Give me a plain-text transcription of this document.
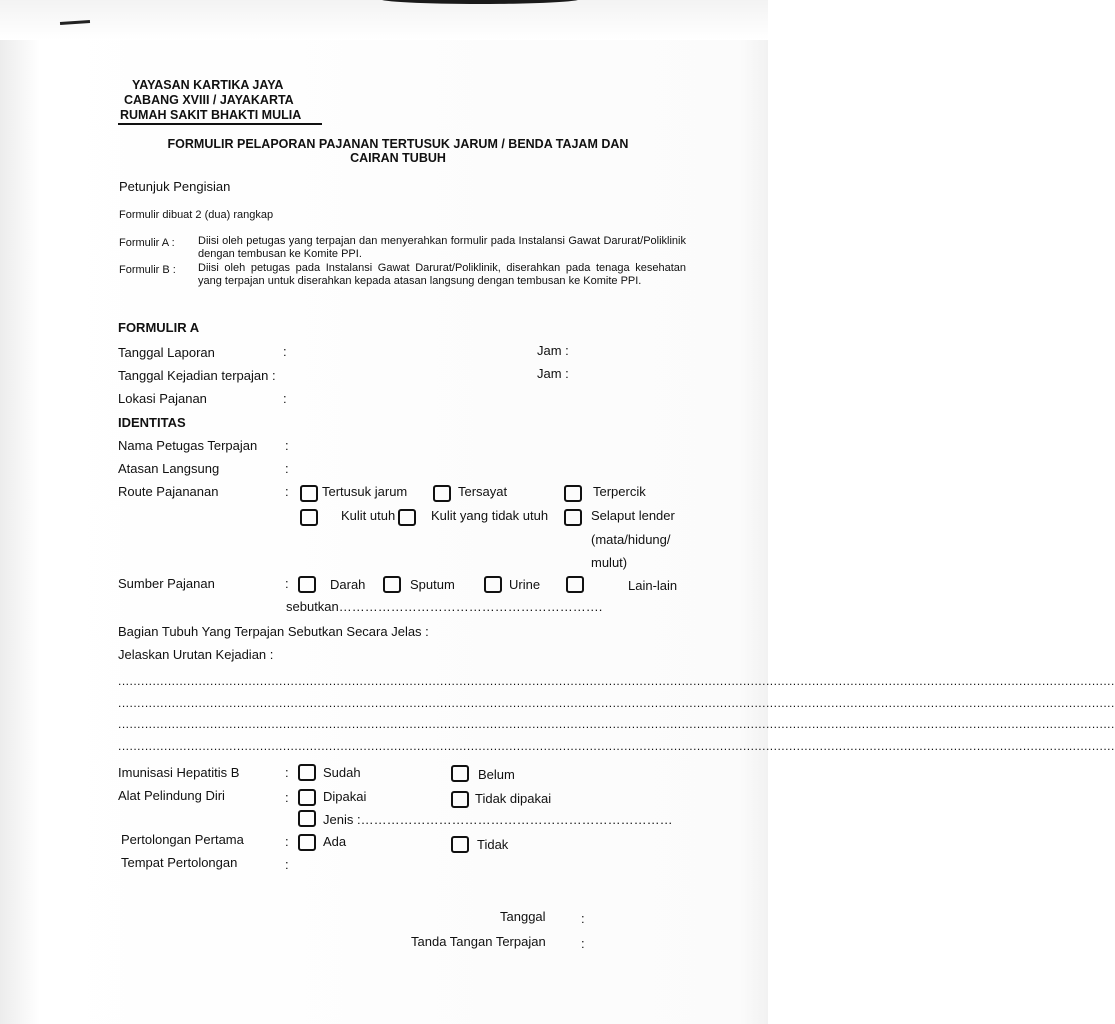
YAYASAN KARTIKA JAYA
CABANG XVIII / JAYAKARTA
RUMAH SAKIT BHAKTI MULIA
FORMULIR PELAPORAN PAJANAN TERTUSUK JARUM / BENDA TAJAM DAN
CAIRAN TUBUH
Petunjuk Pengisian
Formulir dibuat 2 (dua) rangkap
Formulir A : Diisi oleh petugas yang terpajan dan menyerahkan formulir pada Instalansi Gawat Darurat/Poliklinik dengan tembusan ke Komite PPI.
Formulir B : Diisi oleh petugas pada Instalansi Gawat Darurat/Poliklinik, diserahkan pada tenaga kesehatan yang terpajan untuk diserahkan kepada atasan langsung dengan tembusan ke Komite PPI.
FORMULIR A
Tanggal Laporan	:	Jam :
Tanggal Kejadian terpajan :	Jam :
Lokasi Pajanan	:
IDENTITAS
Nama Petugas Terpajan :
Atasan Langsung	:
Route Pajananan	:	Tertusuk jarum	Tersayat	Terpercik
Kulit utuh	Kulit yang tidak utuh	Selaput lender
(mata/hidung/
mulut)
Sumber Pajanan	:	Darah	Sputum	Urine	Lain-lain
sebutkan…………………………………………………….
Bagian Tubuh Yang Terpajan Sebutkan Secara Jelas :
Jelaskan Urutan Kejadian :
....................................................................................................................................................................................................................................................................
....................................................................................................................................................................................................................................................................
....................................................................................................................................................................................................................................................................
....................................................................................................................................................................................................................................................................
Imunisasi Hepatitis B	:	Sudah	Belum
Alat Pelindung Diri	:	Dipakai	Tidak dipakai
Jenis :………………………………………………………………
Pertolongan Pertama	:	Ada	Tidak
Tempat Pertolongan	:
Tanggal	:
Tanda Tangan Terpajan	:
